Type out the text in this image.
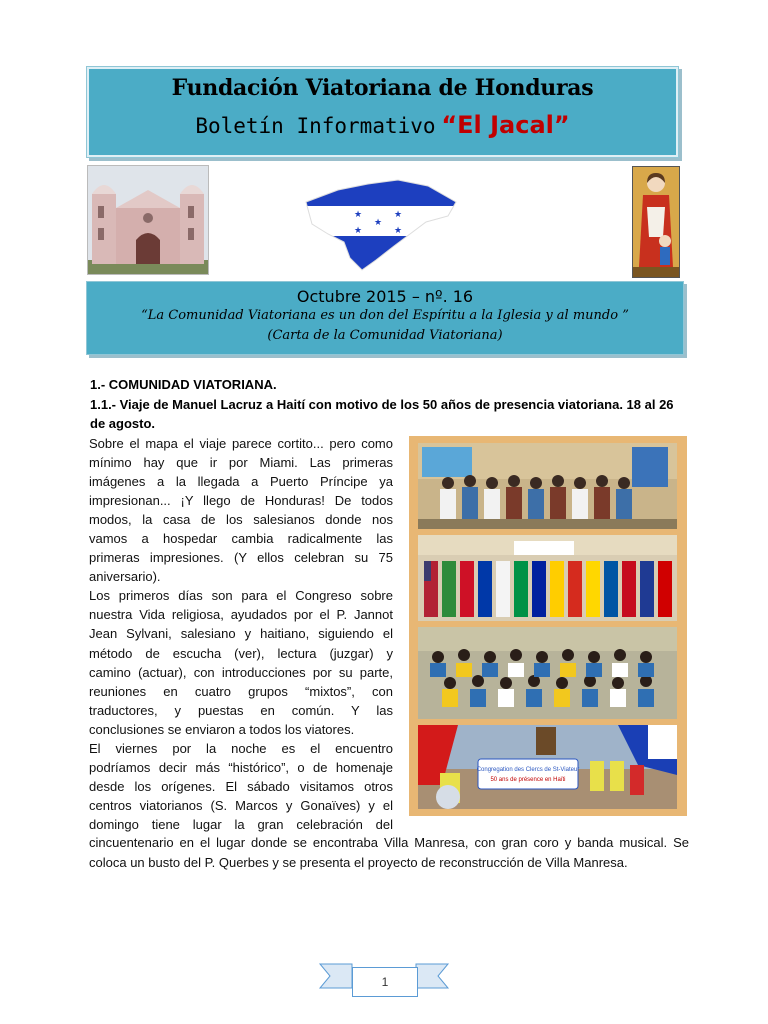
Fundación Viatoriana de Honduras
Boletín Informativo “El Jacal”
★	★
★
★	★
Octubre 2015 – nº. 16
“La Comunidad Viatoriana es un don del Espíritu a la Iglesia y al mundo ”
(Carta de la Comunidad Viatoriana)
1.- COMUNIDAD VIATORIANA.
1.1.- Viaje de Manuel Lacruz a Haití con motivo de los 50 años de presencia viatoriana. 18 al 26
de agosto.
Sobre el mapa el viaje parece cortito... pero como
mínimo hay que ir por Miami. Las primeras
imágenes a la llegada a Puerto Príncipe ya
impresionan... ¡Y llego de Honduras! De todos
modos, la casa de los salesianos donde nos
vamos a hospedar cambia radicalmente las
primeras impresiones. (Y ellos celebran su 75
aniversario).
Los primeros días son para el Congreso sobre
nuestra Vida religiosa, ayudados por el P. Jannot
Jean Sylvani, salesiano y haitiano, siguiendo el
método de escucha (ver), lectura (juzgar) y
camino (actuar), con introducciones por su parte,
reuniones en cuatro grupos “mixtos”, con
traductores, y puestas en común. Y las
conclusiones se enviaron a todos los viatores.
El viernes por la noche es el encuentro
podríamos decir más “histórico”, o de homenaje
desde los orígenes. El sábado visitamos otros
centros viatorianos (S. Marcos y Gonaïves) y el
domingo tiene lugar la gran celebración del
cincuentenario en el lugar donde se encontraba Villa Manresa, con gran coro y banda musical. Se
coloca un busto del P. Querbes y se presenta el proyecto de reconstrucción de Villa Manresa.
Congregation des Clercs de St-Viateur
50 ans de présence en Haïti
1
